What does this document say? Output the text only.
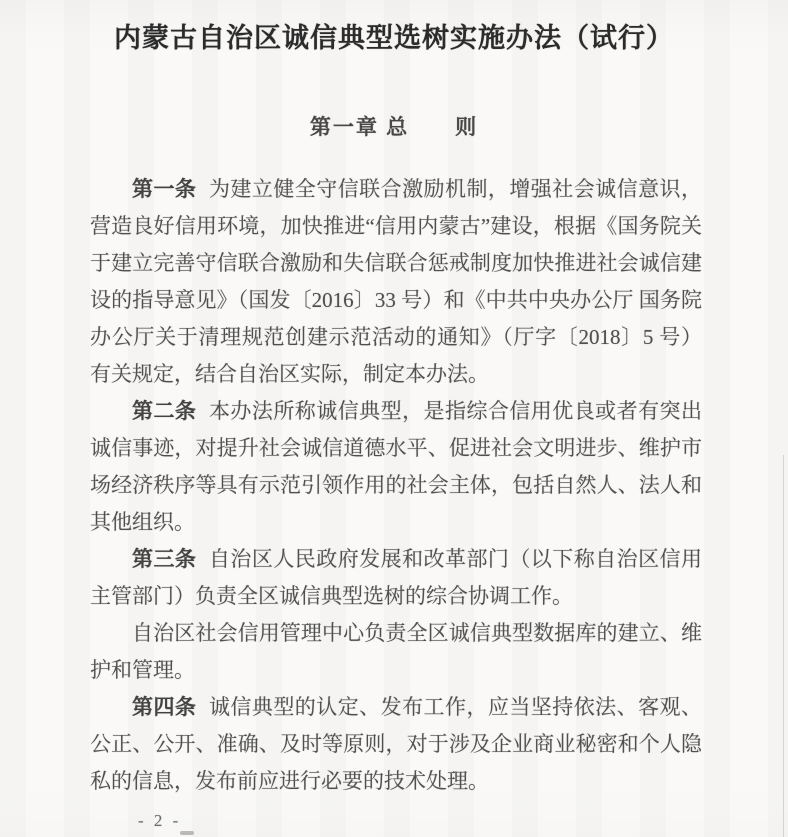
内蒙古自治区诚信典型选树实施办法（试行）
第一章 总　　则

第一条 为建立健全守信联合激励机制，增强社会诚信意识，营造良好信用环境，加快推进“信用内蒙古”建设，根据《国务院关于建立完善守信联合激励和失信联合惩戒制度加快推进社会诚信建设的指导意见》（国发〔2016〕33 号）和《中共中央办公厅 国务院办公厅关于清理规范创建示范活动的通知》（厅字〔2018〕5 号）有关规定，结合自治区实际，制定本办法。

第二条 本办法所称诚信典型，是指综合信用优良或者有突出诚信事迹，对提升社会诚信道德水平、促进社会文明进步、维护市场经济秩序等具有示范引领作用的社会主体，包括自然人、法人和其他组织。

第三条 自治区人民政府发展和改革部门（以下称自治区信用主管部门）负责全区诚信典型选树的综合协调工作。

自治区社会信用管理中心负责全区诚信典型数据库的建立、维护和管理。

第四条 诚信典型的认定、发布工作，应当坚持依法、客观、公正、公开、准确、及时等原则，对于涉及企业商业秘密和个人隐私的信息，发布前应进行必要的技术处理。

- 2 -
